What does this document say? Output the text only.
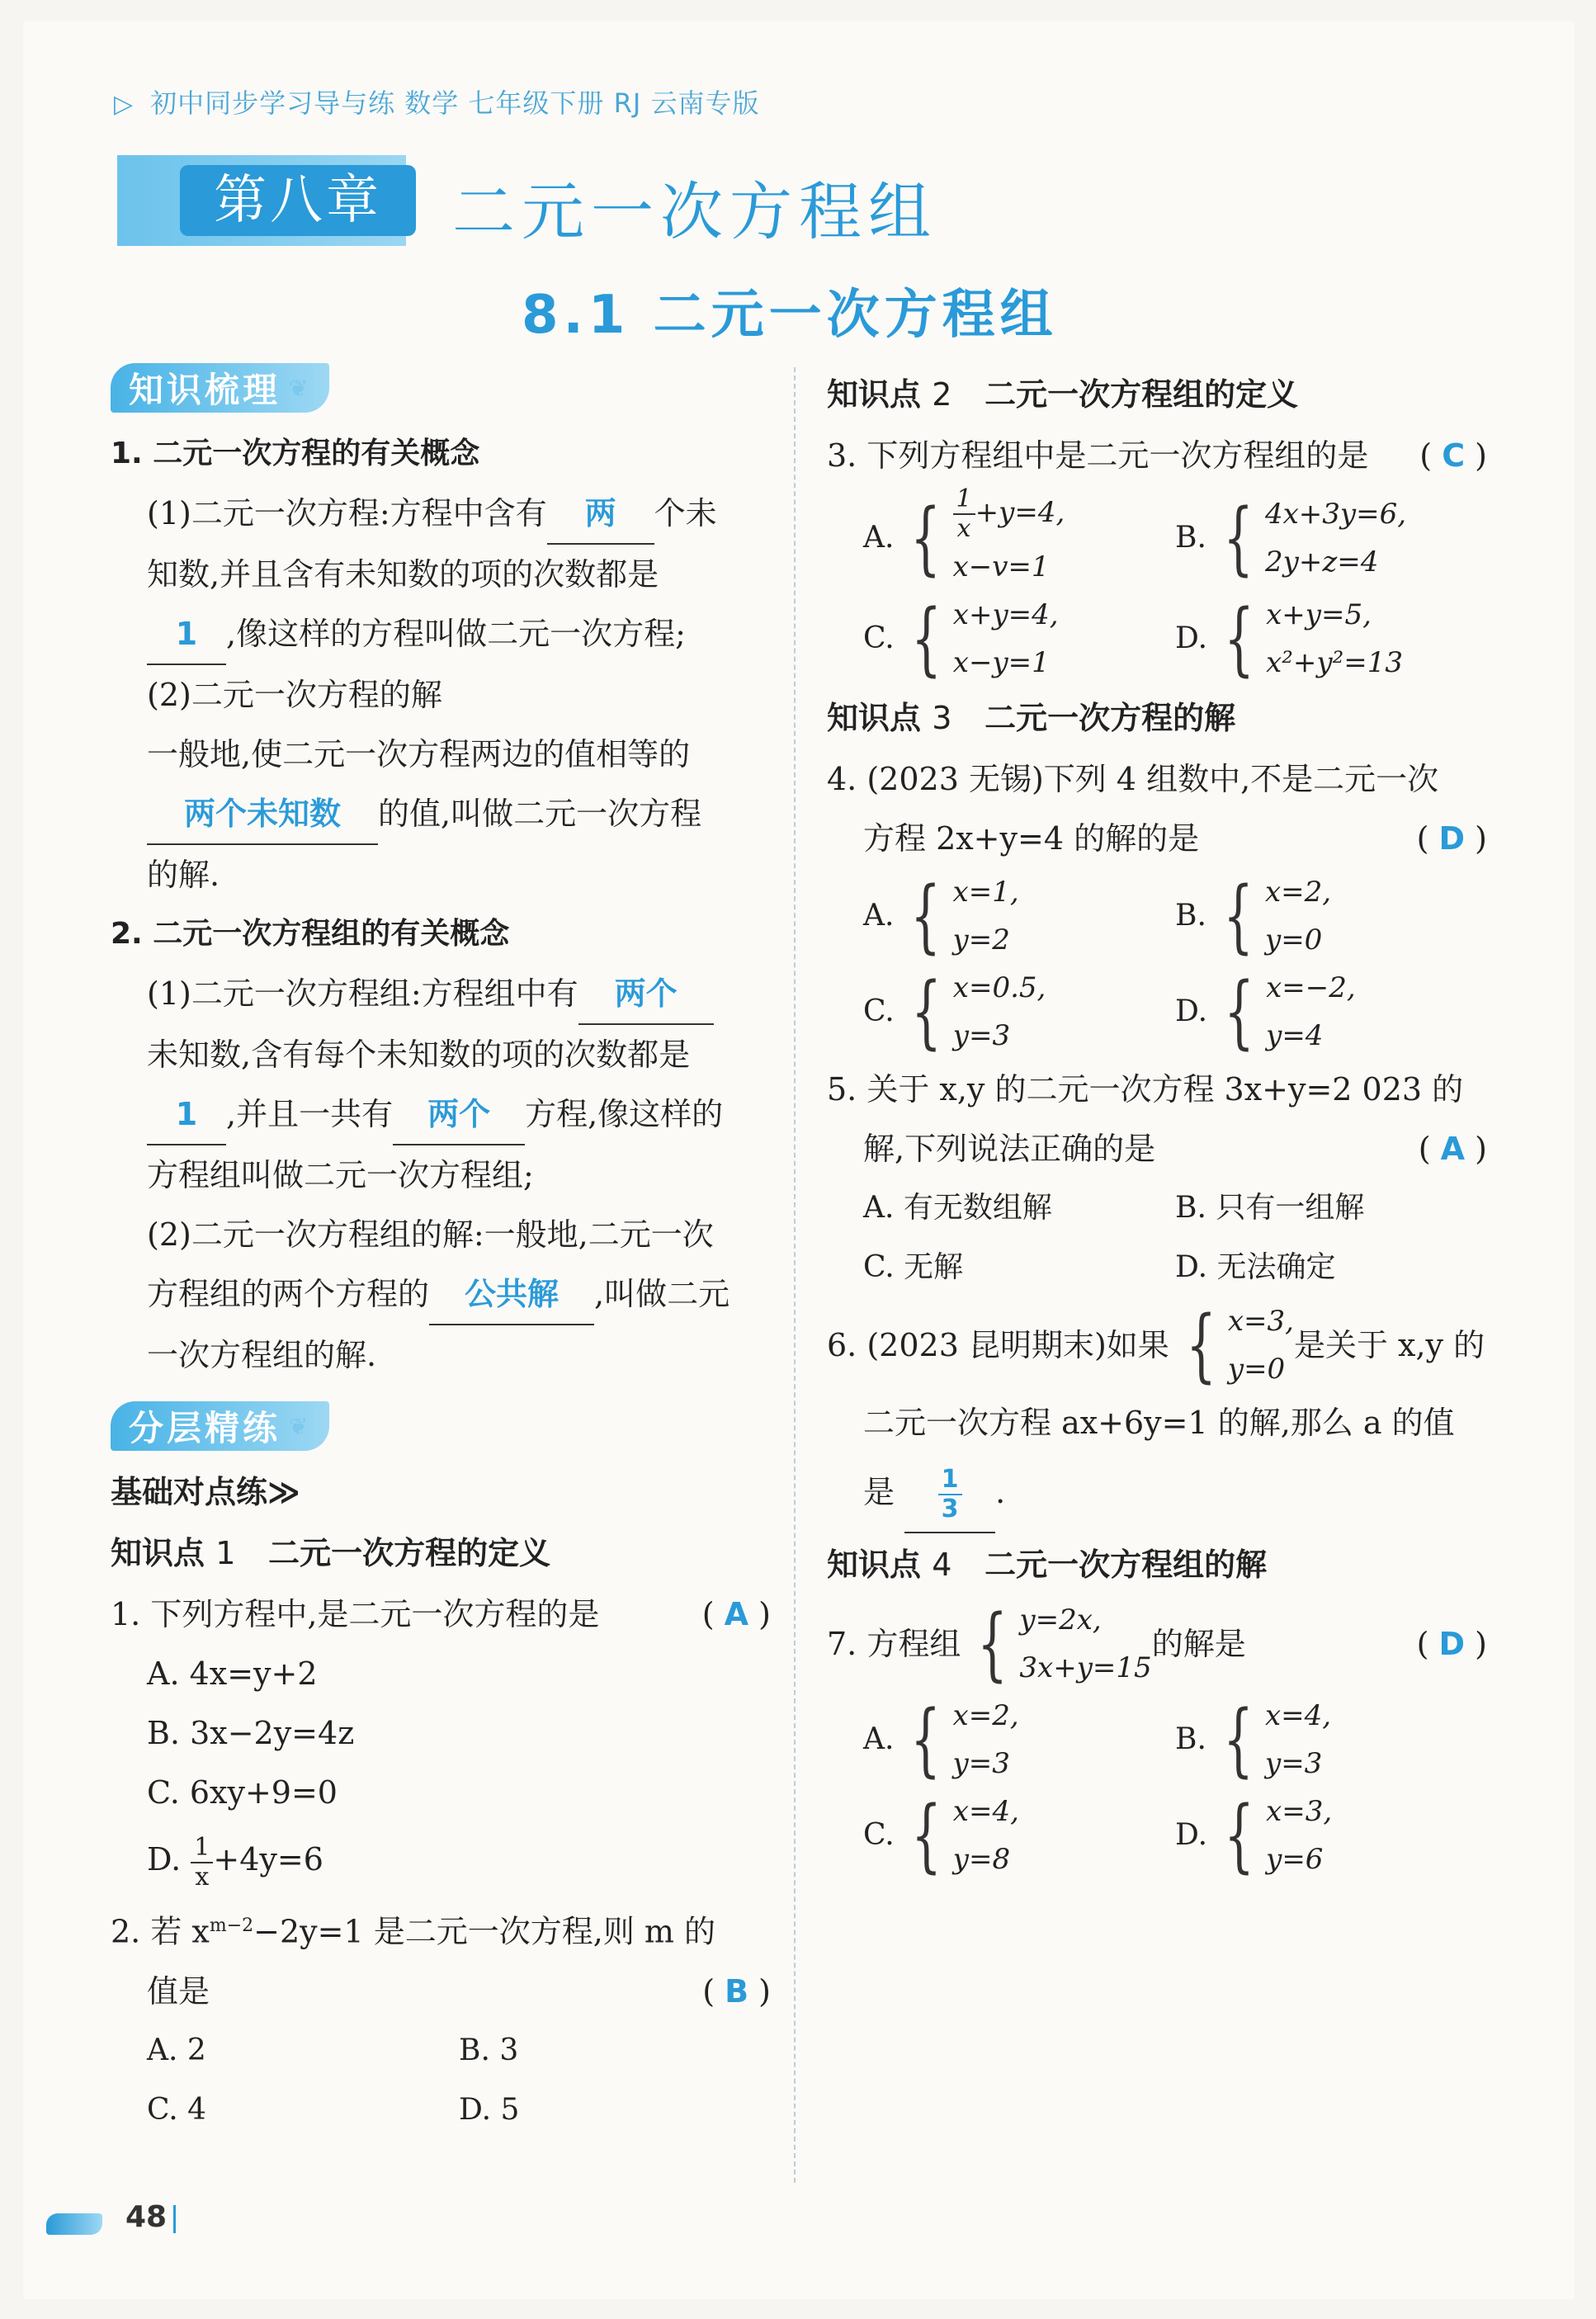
▷ 初中同步学习导与练 数学 七年级下册 RJ 云南专版
第八章	二元一次方程组
8.1 二元一次方程组
知识梳理 ❦
1. 二元一次方程的有关概念
(1)二元一次方程:方程中含有 两 个未
知数,并且含有未知数的项的次数都是
1 ,像这样的方程叫做二元一次方程;
(2)二元一次方程的解
一般地,使二元一次方程两边的值相等的
两个未知数 的值,叫做二元一次方程
的解.
2. 二元一次方程组的有关概念
(1)二元一次方程组:方程组中有 两个
未知数,含有每个未知数的项的次数都是
1 ,并且一共有 两个 方程,像这样的
方程组叫做二元一次方程组;
(2)二元一次方程组的解:一般地,二元一次
方程组的两个方程的 公共解 ,叫做二元
一次方程组的解.
分层精练 ❦
基础对点练≫
知识点 1 二元一次方程的定义
1. 下列方程中,是二元一次方程的是	( A )
A. 4x=y+2
B. 3x−2y=4z
C. 6xy+9=0
D. $\frac{1}{x} +4y=6$
2. 若 $x^{m-2}-2y=1$ 是二元一次方程,则 m 的
值是	( B )
A. 2	B. 3
C. 4	D. 5
知识点 2 二元一次方程组的定义
3. 下列方程组中是二元一次方程组的是 ( C )
A. { $\frac{1}{x} +y=4$,
x−v=1
B. { 4x+3y=6,
2y+z=4
C. { x+y=4,
x−y=1
D. { x+y=5,
x²+y²=13
知识点 3 二元一次方程的解
4. (2023 无锡)下列 4 组数中,不是二元一次
方程 2x+y=4 的解的是	( D )
A. { x=1,
y=2
B. { x=2,
y=0
C. { x=0.5,
y=3
D. { x=−2,
y=4
5. 关于 x,y 的二元一次方程 3x+y=2 023 的
解,下列说法正确的是	( A )
A. 有无数组解	B. 只有一组解
C. 无解	D. 无法确定
6. (2023 昆明期末)如果 { x=3,
y=0
是关于 x,y 的
二元一次方程 ax+6y=1 的解,那么 a 的值
是 $\frac{1}{3}$ .
知识点 4 二元一次方程组的解
7. 方程组 { y=2x,
3x+y=15
的解是	( D )
A. { x=2,
y=3
B. { x=4,
y=3
C. { x=4,
y=8
D. { x=3,
y=6
48
